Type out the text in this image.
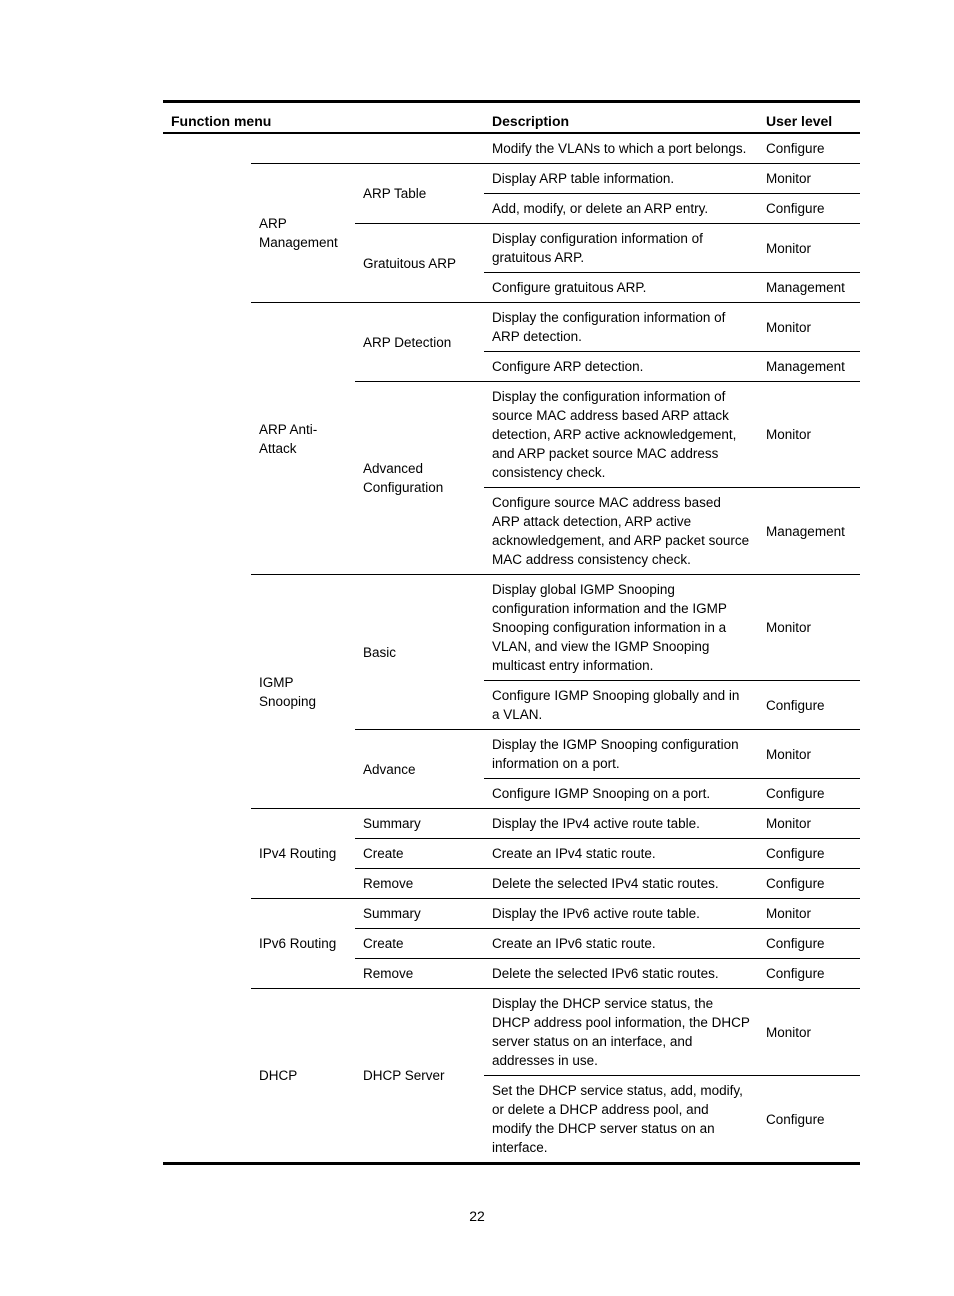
Function menu			Description	User level
			Modify the VLANs to which a port belongs.	Configure
	ARP Management	ARP Table	Display ARP table information.	Monitor
			Add, modify, or delete an ARP entry.	Configure
		Gratuitous ARP	Display configuration information of gratuitous ARP.	Monitor
			Configure gratuitous ARP.	Management
	ARP Anti-Attack	ARP Detection	Display the configuration information of ARP detection.	Monitor
			Configure ARP detection.	Management
		Advanced Configuration	Display the configuration information of source MAC address based ARP attack detection, ARP active acknowledgement, and ARP packet source MAC address consistency check.	Monitor
			Configure source MAC address based ARP attack detection, ARP active acknowledgement, and ARP packet source MAC address consistency check.	Management
	IGMP Snooping	Basic	Display global IGMP Snooping configuration information and the IGMP Snooping configuration information in a VLAN, and view the IGMP Snooping multicast entry information.	Monitor
			Configure IGMP Snooping globally and in a VLAN.	Configure
		Advance	Display the IGMP Snooping configuration information on a port.	Monitor
			Configure IGMP Snooping on a port.	Configure
	IPv4 Routing	Summary	Display the IPv4 active route table.	Monitor
		Create	Create an IPv4 static route.	Configure
		Remove	Delete the selected IPv4 static routes.	Configure
	IPv6 Routing	Summary	Display the IPv6 active route table.	Monitor
		Create	Create an IPv6 static route.	Configure
		Remove	Delete the selected IPv6 static routes.	Configure
	DHCP	DHCP Server	Display the DHCP service status, the DHCP address pool information, the DHCP server status on an interface, and addresses in use.	Monitor
			Set the DHCP service status, add, modify, or delete a DHCP address pool, and modify the DHCP server status on an interface.	Configure
22
